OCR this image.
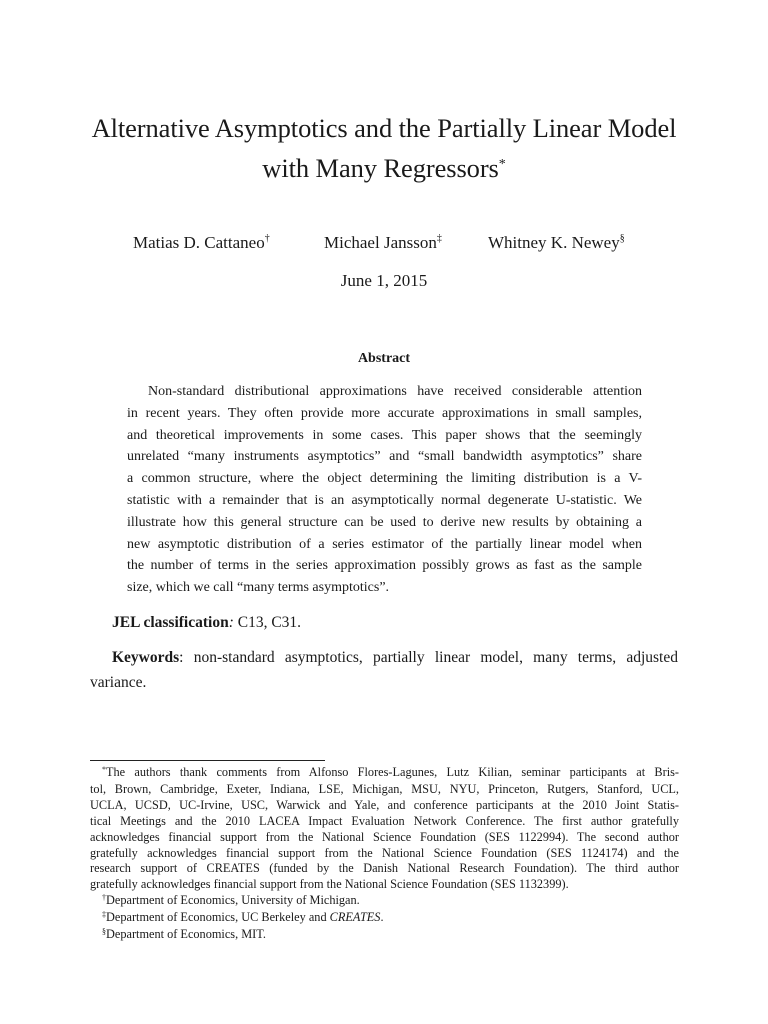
Alternative Asymptotics and the Partially Linear Model
with Many Regressors*
Matias D. Cattaneo†	Michael Jansson‡	Whitney K. Newey§
June 1, 2015
Abstract
Non-standard distributional approximations have received considerable attention
in recent years. They often provide more accurate approximations in small samples,
and theoretical improvements in some cases. This paper shows that the seemingly
unrelated “many instruments asymptotics” and “small bandwidth asymptotics” share
a common structure, where the object determining the limiting distribution is a V-
statistic with a remainder that is an asymptotically normal degenerate U-statistic. We
illustrate how this general structure can be used to derive new results by obtaining a
new asymptotic distribution of a series estimator of the partially linear model when
the number of terms in the series approximation possibly grows as fast as the sample
size, which we call “many terms asymptotics”.
JEL classification: C13, C31.
Keywords: non-standard asymptotics, partially linear model, many terms, adjusted
variance.
*The authors thank comments from Alfonso Flores-Lagunes, Lutz Kilian, seminar participants at Bris-
tol, Brown, Cambridge, Exeter, Indiana, LSE, Michigan, MSU, NYU, Princeton, Rutgers, Stanford, UCL,
UCLA, UCSD, UC-Irvine, USC, Warwick and Yale, and conference participants at the 2010 Joint Statis-
tical Meetings and the 2010 LACEA Impact Evaluation Network Conference. The first author gratefully
acknowledges financial support from the National Science Foundation (SES 1122994). The second author
gratefully acknowledges financial support from the National Science Foundation (SES 1124174) and the
research support of CREATES (funded by the Danish National Research Foundation). The third author
gratefully acknowledges financial support from the National Science Foundation (SES 1132399).
†Department of Economics, University of Michigan.
‡Department of Economics, UC Berkeley and CREATES.
§Department of Economics, MIT.
